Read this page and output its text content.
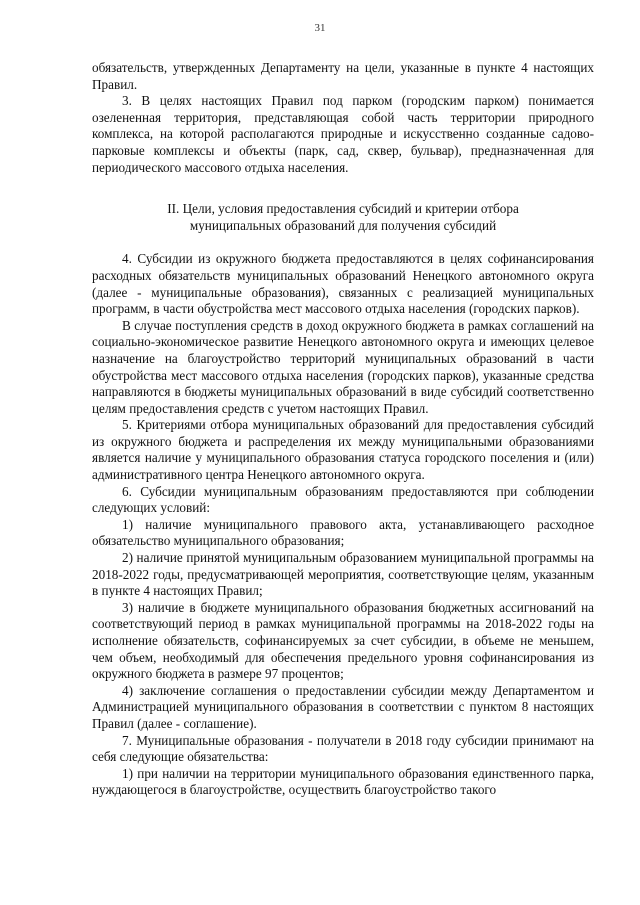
31

обязательств, утвержденных Департаменту на цели, указанные в пункте 4 настоящих Правил.

3. В целях настоящих Правил под парком (городским парком) понимается озелененная территория, представляющая собой часть территории природного комплекса, на которой располагаются природные и искусственно созданные садово-парковые комплексы и объекты (парк, сад, сквер, бульвар), предназначенная для периодического массового отдыха населения.

II. Цели, условия предоставления субсидий и критерии отбора
муниципальных образований для получения субсидий

4. Субсидии из окружного бюджета предоставляются в целях софинансирования расходных обязательств муниципальных образований Ненецкого автономного округа (далее - муниципальные образования), связанных с реализацией муниципальных программ, в части обустройства мест массового отдыха населения (городских парков).

В случае поступления средств в доход окружного бюджета в рамках соглашений на социально-экономическое развитие Ненецкого автономного округа и имеющих целевое назначение на благоустройство территорий муниципальных образований в части обустройства мест массового отдыха населения (городских парков), указанные средства направляются в бюджеты муниципальных образований в виде субсидий соответственно целям предоставления средств с учетом настоящих Правил.

5. Критериями отбора муниципальных образований для предоставления субсидий из окружного бюджета и распределения их между муниципальными образованиями является наличие у муниципального образования статуса городского поселения и (или) административного центра Ненецкого автономного округа.

6. Субсидии муниципальным образованиям предоставляются при соблюдении следующих условий:

1) наличие муниципального правового акта, устанавливающего расходное обязательство муниципального образования;

2) наличие принятой муниципальным образованием муниципальной программы на 2018-2022 годы, предусматривающей мероприятия, соответствующие целям, указанным в пункте 4 настоящих Правил;

3) наличие в бюджете муниципального образования бюджетных ассигнований на соответствующий период в рамках муниципальной программы на 2018-2022 годы на исполнение обязательств, софинансируемых за счет субсидии, в объеме не меньшем, чем объем, необходимый для обеспечения предельного уровня софинансирования из окружного бюджета в размере 97 процентов;

4) заключение соглашения о предоставлении субсидии между Департаментом и Администрацией муниципального образования в соответствии с пунктом 8 настоящих Правил (далее - соглашение).

7. Муниципальные образования - получатели в 2018 году субсидии принимают на себя следующие обязательства:

1) при наличии на территории муниципального образования единственного парка, нуждающегося в благоустройстве, осуществить благоустройство такого
